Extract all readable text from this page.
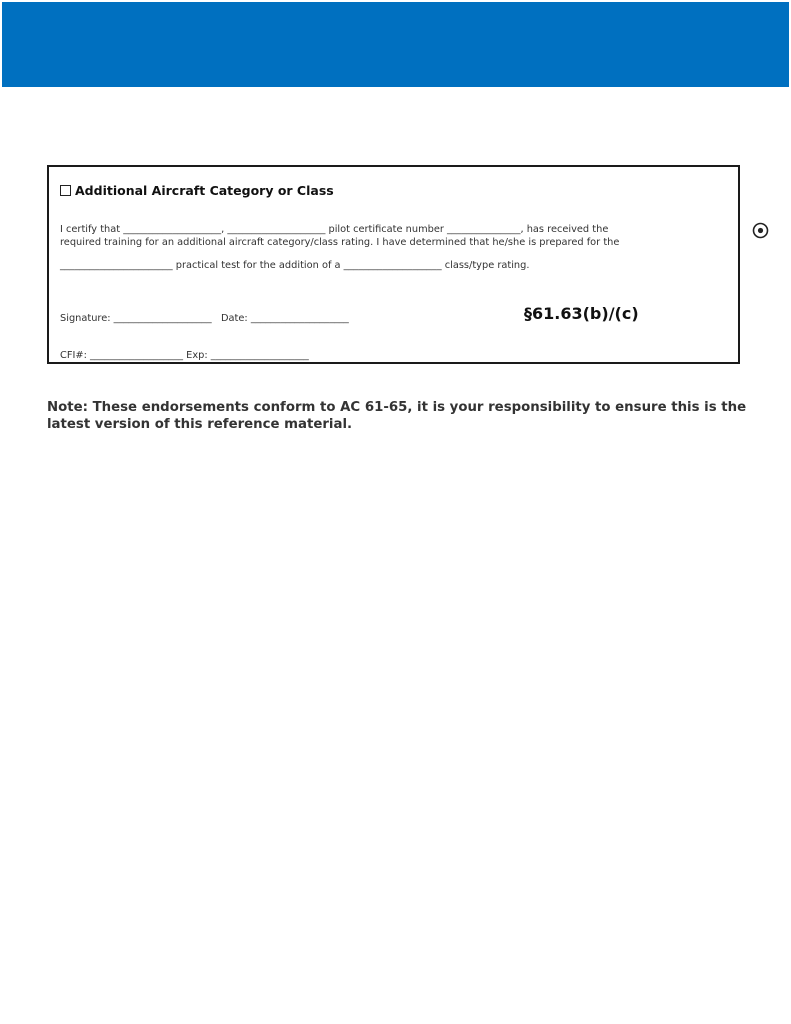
Additional Aircraft Category or Class
I certify that ____________________, ____________________ pilot certificate number _______________, has received the
required training for an additional aircraft category/class rating. I have determined that he/she is prepared for the
_______________________ practical test for the addition of a ____________________ class/type rating.
Signature: ____________________   Date: ____________________	§61.63(b)/(c)
CFI#: ___________________ Exp: ____________________
Note: These endorsements conform to AC 61-65, it is your responsibility to ensure this is the latest version of this reference material.
